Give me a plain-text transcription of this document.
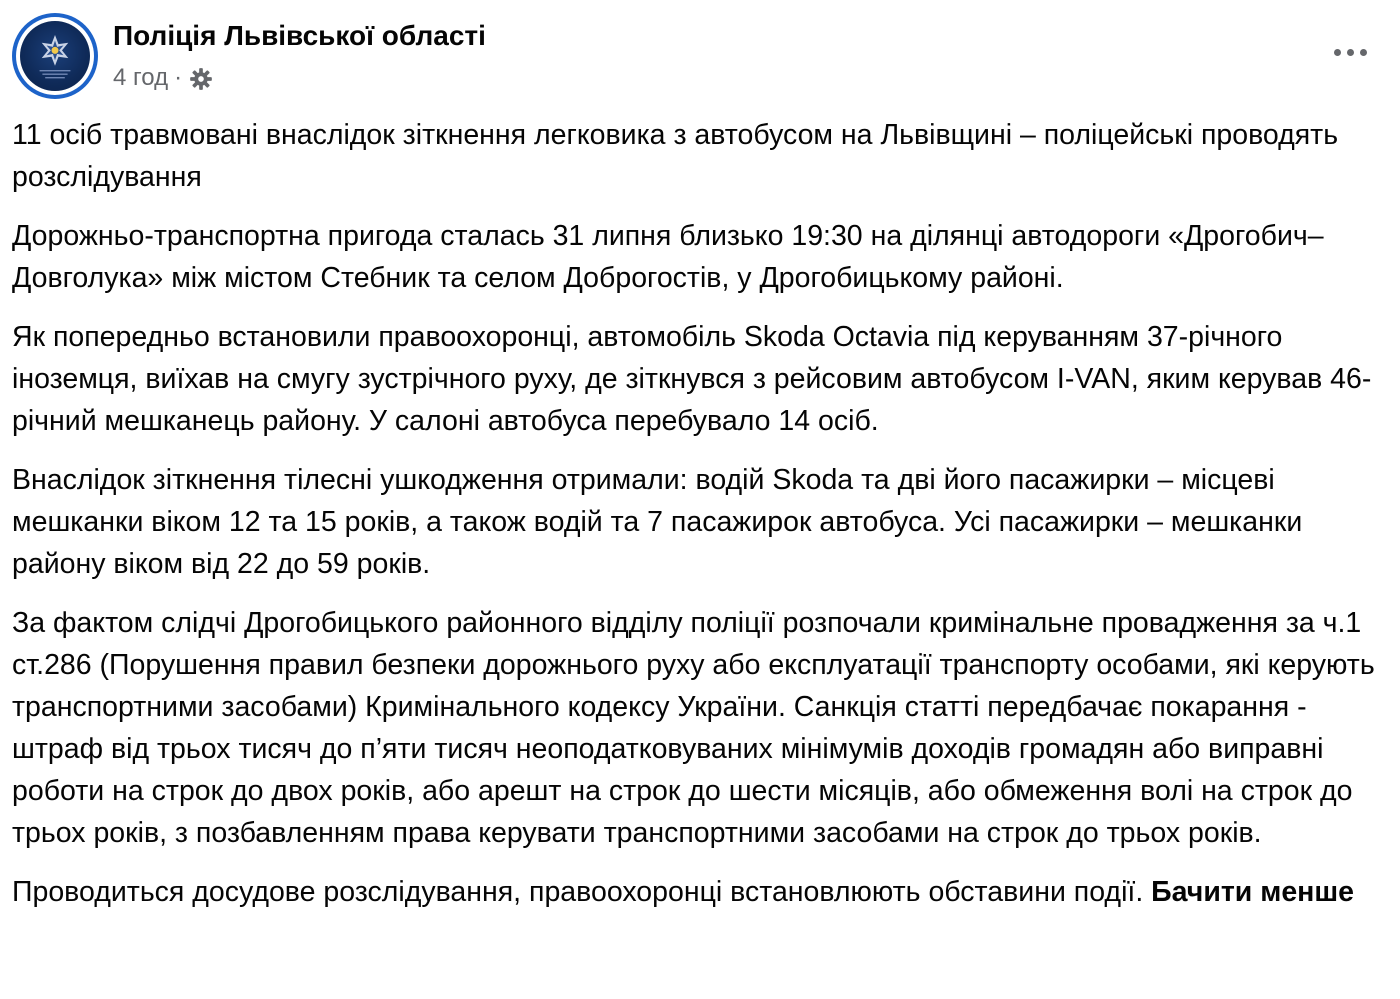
Поліція Львівської області
4 год ·

11 осіб травмовані внаслідок зіткнення легковика з автобусом на Львівщині – поліцейські проводять розслідування

Дорожньо-транспортна пригода сталась 31 липня близько 19:30 на ділянці автодороги «Дрогобич–Довголука» між містом Стебник та селом Доброгостів, у Дрогобицькому районі.

Як попередньо встановили правоохоронці, автомобіль Skoda Octavia під керуванням 37-річного іноземця, виїхав на смугу зустрічного руху, де зіткнувся з рейсовим автобусом I-VAN, яким керував 46-річний мешканець району. У салоні автобуса перебувало 14 осіб.

Внаслідок зіткнення тілесні ушкодження отримали: водій Skoda та дві його пасажирки – місцеві мешканки віком 12 та 15 років, а також водій та 7 пасажирок автобуса. Усі пасажирки – мешканки району віком від 22 до 59 років.

За фактом слідчі Дрогобицького районного відділу поліції розпочали кримінальне провадження за ч.1 ст.286 (Порушення правил безпеки дорожнього руху або експлуатації транспорту особами, які керують транспортними засобами) Кримінального кодексу України. Санкція статті передбачає покарання - штраф від трьох тисяч до п’яти тисяч неоподатковуваних мінімумів доходів громадян або виправні роботи на строк до двох років, або арешт на строк до шести місяців, або обмеження волі на строк до трьох років, з позбавленням права керувати транспортними засобами на строк до трьох років.

Проводиться досудове розслідування, правоохоронці встановлюють обставини події. Бачити менше
